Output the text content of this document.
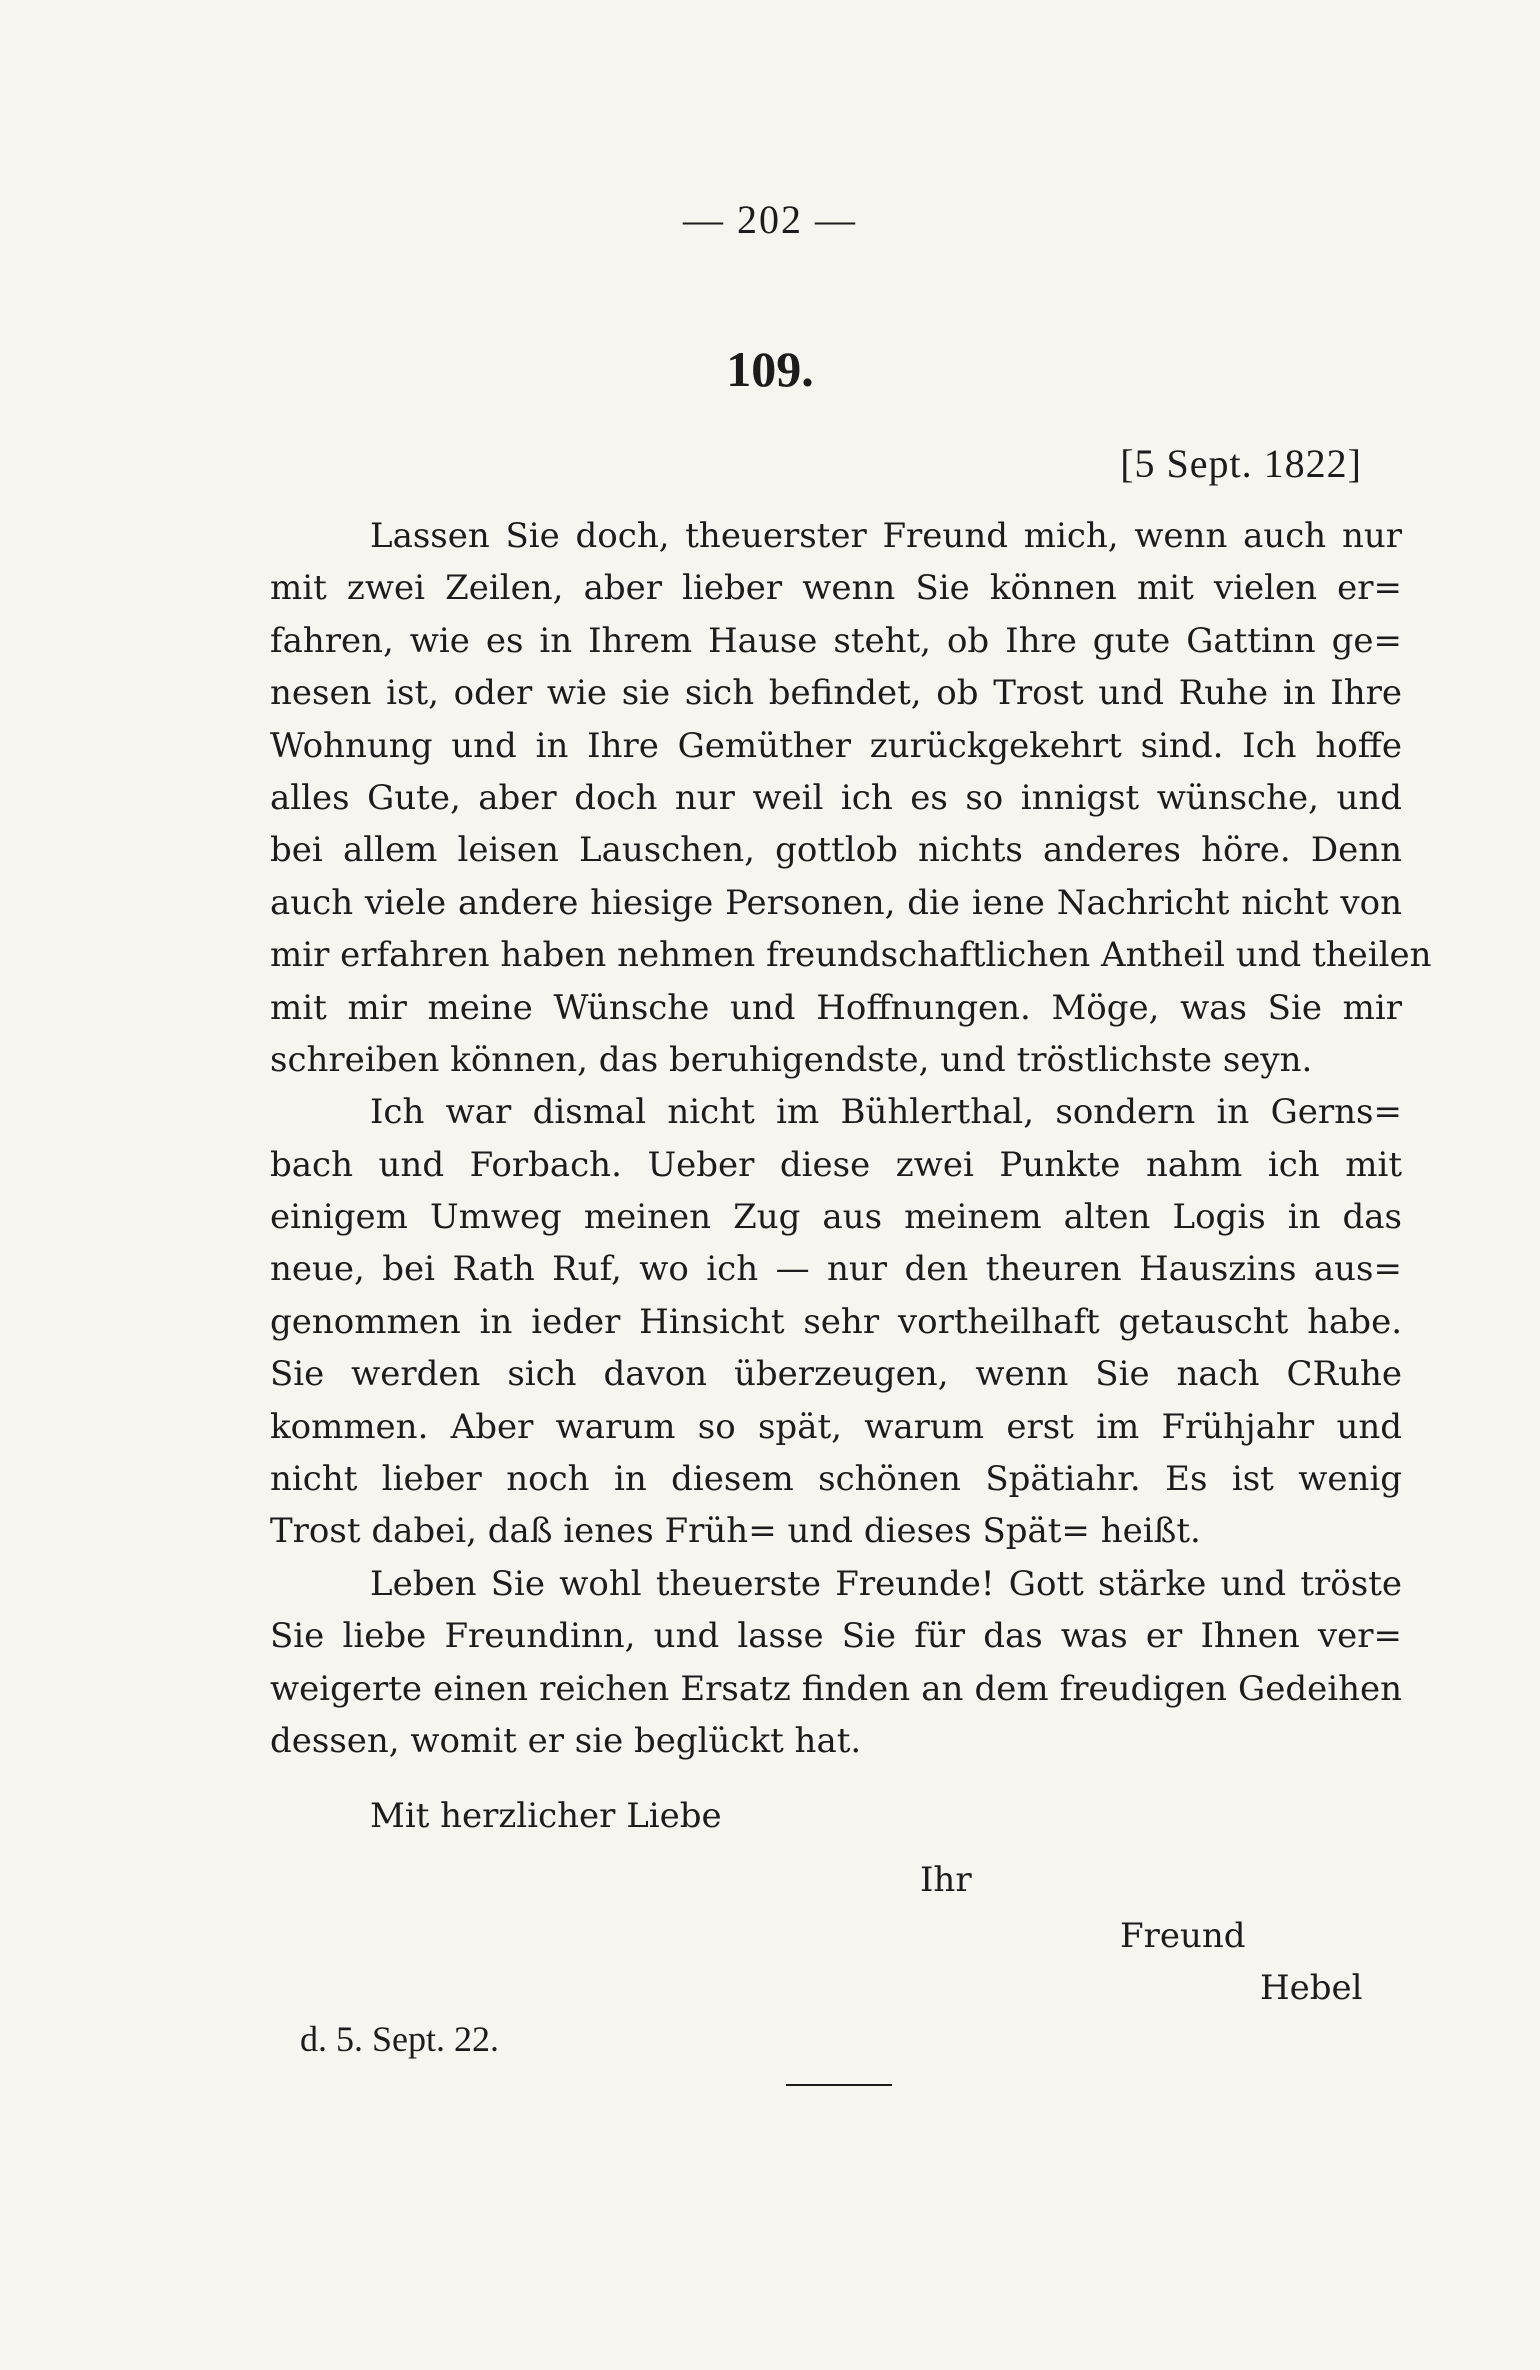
— 202 —
109.
[5 Sept. 1822]
Lassen Sie doch, theuerster Freund mich, wenn auch nur
mit zwei Zeilen, aber lieber wenn Sie können mit vielen er=
fahren, wie es in Ihrem Hause steht, ob Ihre gute Gattinn ge=
nesen ist, oder wie sie sich befindet, ob Trost und Ruhe in Ihre
Wohnung und in Ihre Gemüther zurückgekehrt sind. Ich hoffe
alles Gute, aber doch nur weil ich es so innigst wünsche, und
bei allem leisen Lauschen, gottlob nichts anderes höre. Denn
auch viele andere hiesige Personen, die iene Nachricht nicht von
mir erfahren haben nehmen freundschaftlichen Antheil und theilen
mit mir meine Wünsche und Hoffnungen. Möge, was Sie mir
schreiben können, das beruhigendste, und tröstlichste seyn.
Ich war dismal nicht im Bühlerthal, sondern in Gerns=
bach und Forbach. Ueber diese zwei Punkte nahm ich mit
einigem Umweg meinen Zug aus meinem alten Logis in das
neue, bei Rath Ruf, wo ich — nur den theuren Hauszins aus=
genommen in ieder Hinsicht sehr vortheilhaft getauscht habe.
Sie werden sich davon überzeugen, wenn Sie nach CRuhe
kommen. Aber warum so spät, warum erst im Frühjahr und
nicht lieber noch in diesem schönen Spätiahr. Es ist wenig
Trost dabei, daß ienes Früh= und dieses Spät= heißt.
Leben Sie wohl theuerste Freunde! Gott stärke und tröste
Sie liebe Freundinn, und lasse Sie für das was er Ihnen ver=
weigerte einen reichen Ersatz finden an dem freudigen Gedeihen
dessen, womit er sie beglückt hat.
Mit herzlicher Liebe
Ihr
Freund
Hebel
d. 5. Sept. 22.
